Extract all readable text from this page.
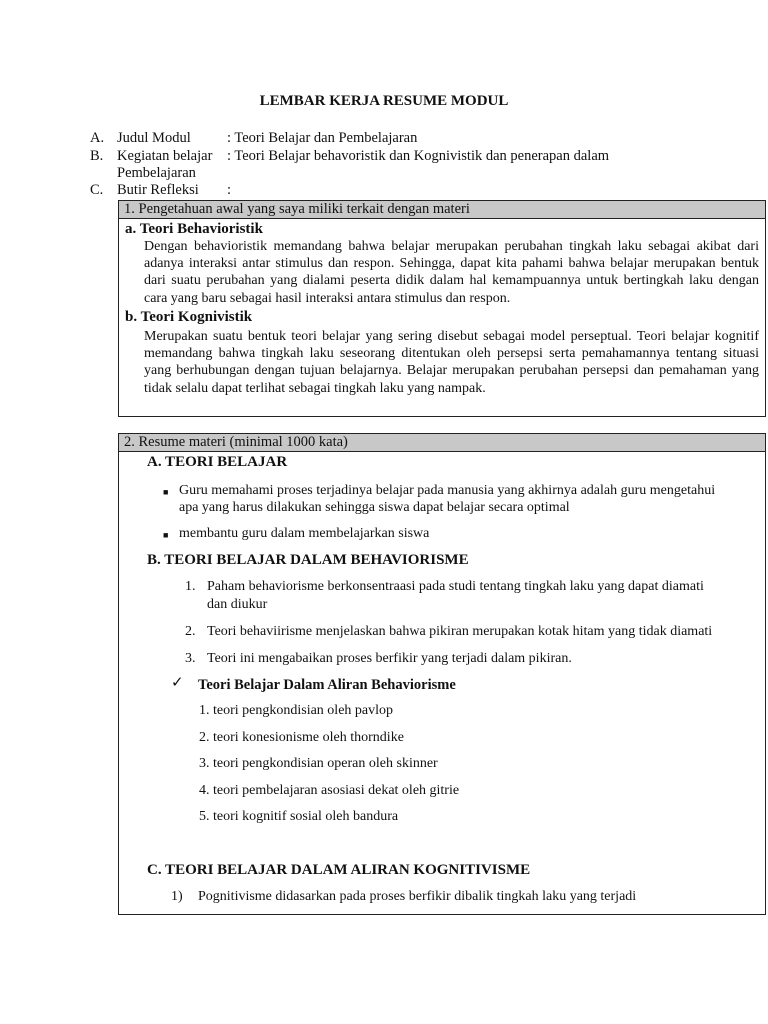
LEMBAR KERJA RESUME MODUL
A. Judul Modul	: Teori Belajar dan Pembelajaran
B. Kegiatan belajar : Teori Belajar behavoristik dan Kognivistik dan penerapan dalam
Pembelajaran
C. Butir Refleksi :
1. Pengetahuan awal yang saya miliki terkait dengan materi
a. Teori Behavioristik
Dengan behavioristik memandang bahwa belajar merupakan perubahan tingkah laku sebagai akibat dari adanya interaksi antar stimulus dan respon. Sehingga, dapat kita pahami bahwa belajar merupakan bentuk dari suatu perubahan yang dialami peserta didik dalam hal kemampuannya untuk bertingkah laku dengan cara yang baru sebagai hasil interaksi antara stimulus dan respon.
b. Teori Kognivistik
Merupakan suatu bentuk teori belajar yang sering disebut sebagai model perseptual. Teori belajar kognitif memandang bahwa tingkah laku seseorang ditentukan oleh persepsi serta pemahamannya tentang situasi yang berhubungan dengan tujuan belajarnya. Belajar merupakan perubahan persepsi dan pemahaman yang tidak selalu dapat terlihat sebagai tingkah laku yang nampak.
2. Resume materi (minimal 1000 kata)
A. TEORI BELAJAR
■ Guru memahami proses terjadinya belajar pada manusia yang akhirnya adalah guru mengetahui
apa yang harus dilakukan sehingga siswa dapat belajar secara optimal
■ membantu guru dalam membelajarkan siswa
B. TEORI BELAJAR DALAM BEHAVIORISME
1. Paham behaviorisme berkonsentraasi pada studi tentang tingkah laku yang dapat diamati
dan diukur
2. Teori behaviirisme menjelaskan bahwa pikiran merupakan kotak hitam yang tidak diamati
3. Teori ini mengabaikan proses berfikir yang terjadi dalam pikiran.
✓ Teori Belajar Dalam Aliran Behaviorisme
1. teori pengkondisian oleh pavlop
2. teori konesionisme oleh thorndike
3. teori pengkondisian operan oleh skinner
4. teori pembelajaran asosiasi dekat oleh gitrie
5. teori kognitif sosial oleh bandura
C. TEORI BELAJAR DALAM ALIRAN KOGNITIVISME
1) Pognitivisme didasarkan pada proses berfikir dibalik tingkah laku yang terjadi
